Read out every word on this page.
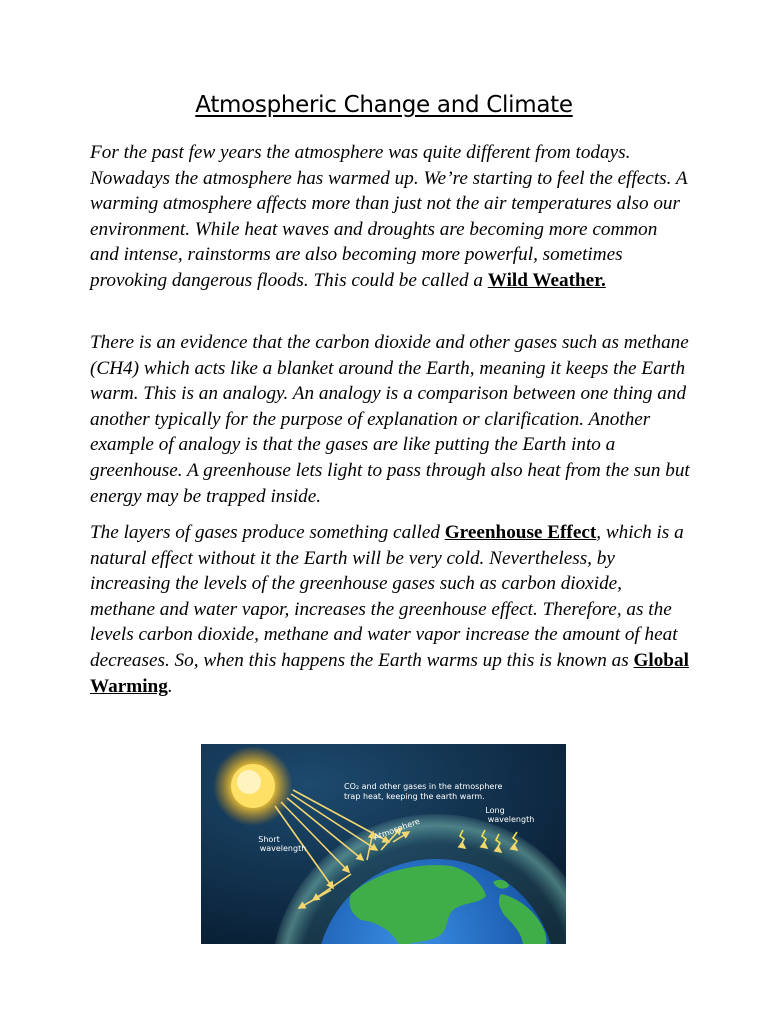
Atmospheric Change and Climate

For the past few years the atmosphere was quite different from todays. Nowadays the atmosphere has warmed up. We’re starting to feel the effects. A warming atmosphere affects more than just not the air temperatures also our environment. While heat waves and droughts are becoming more common and intense, rainstorms are also becoming more powerful, sometimes provoking dangerous floods. This could be called a Wild Weather.

There is an evidence that the carbon dioxide and other gases such as methane (CH4) which acts like a blanket around the Earth, meaning it keeps the Earth warm. This is an analogy. An analogy is a comparison between one thing and another typically for the purpose of explanation or clarification. Another example of analogy is that the gases are like putting the Earth into a greenhouse. A greenhouse lets light to pass through also heat from the sun but energy may be trapped inside.

The layers of gases produce something called Greenhouse Effect, which is a natural effect without it the Earth will be very cold. Nevertheless, by increasing the levels of the greenhouse gases such as carbon dioxide, methane and water vapor, increases the greenhouse effect. Therefore, as the levels carbon dioxide, methane and water vapor increase the amount of heat decreases. So, when this happens the Earth warms up this is known as Global Warming.

CO₂ and other gases in the atmosphere
trap heat, keeping the earth warm.
Long
wavelength
Short
wavelength
Atmosphere
